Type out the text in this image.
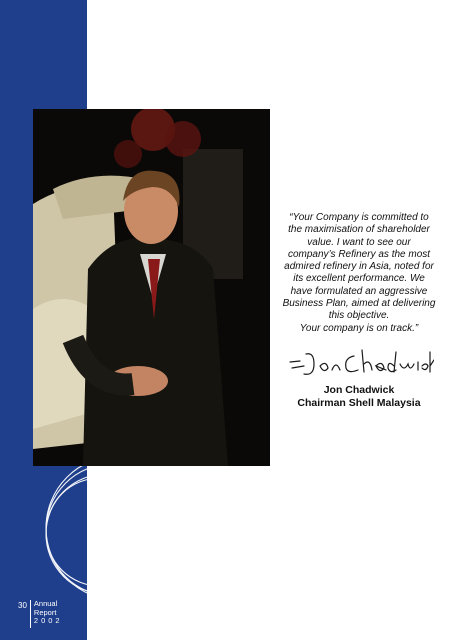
“Your Company is committed to
the maximisation of shareholder
value. I want to see our
company’s Refinery as the most
admired refinery in Asia, noted for
its excellent performance. We
have formulated an aggressive
Business Plan, aimed at delivering
this objective.
Your company is on track.”
Jon Chadwick
Chairman Shell Malaysia
30 Annual
Report
2002
